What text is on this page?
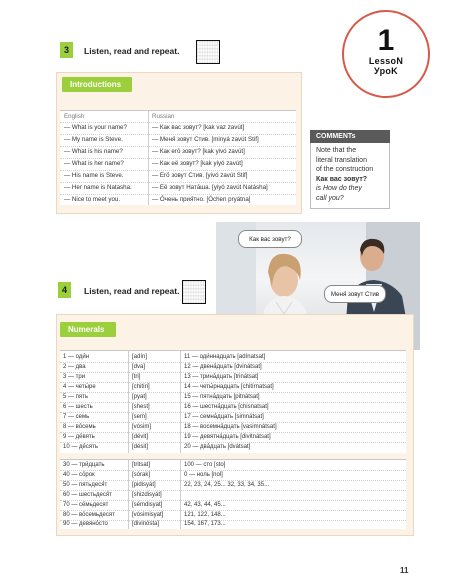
3	Listen, read and repeat.	1
LessoN
УроK
Introductions
English	Russian
— What is your name?	— Как вас зовут? [kak vaz zavút]
— My name is Steve.	— Меня́ зовут Стив. [minyá zavút Stif]
— What is his name?	— Как его́ зовут? [kak yivó zavút]
— What is her name?	— Как её зовут? [kak yiyó zavút]
— His name is Steve.	— Его́ зовут Стив. [yivó zavút Stif]
— Her name is Natasha.	— Её зовут Ната́ша. [yiyó zavút Natásha]
— Nice to meet you.	— О́чень прия́тно. [Óchen pryátna]
COMMENTs
Note that the
literal translation
of the construction
Как вас зовут?
is How do they
call you?
Как вас зовут?
Меня́ зовут Стив
4	Listen, read and repeat.
Numerals
1 — оди́н	[adín]	11 — оди́ннадцать [adínatsat]
2 — два	[dva]	12 — двена́дцать [dvinátsat]
3 — три	[tri]	13 — трина́дцать [trinátsat]
4 — четы́ре	[chitíri]	14 — четы́рнадцать [chitírnatsat]
5 — пять	[pyat]	15 — пятна́дцать [pitnátsat]
6 — шесть	[shest]	16 — шестна́дцать [chisnatsat]
7 — семь	[sem]	17 — семна́дцать [simnátsat]
8 — во́семь	[vósim]	18 — восемна́дцать [vasimnátsat]
9 — де́вять	[dévit]	19 — девятна́дцать [divitnátsat]
10 — де́сять	[désit]	20 — два́дцать [dvátsat]
30 — три́дцать	[tritsat]	100 — сто [sto]
40 — со́рок	[sórak]	0 — ноль [nol]
50 — пятьдеся́т	[pidisyát]	22, 23, 24, 25... 32, 33, 34, 35...
60 — шестьдеся́т	[shizdisyát]
70 — се́мьдесят	[sémdisyat]	42, 43, 44, 45...
80 — во́семьдесят	[vósimisyat]	121, 122, 148...
90 — девяно́сто	[divinósta]	154, 167, 173...
11
